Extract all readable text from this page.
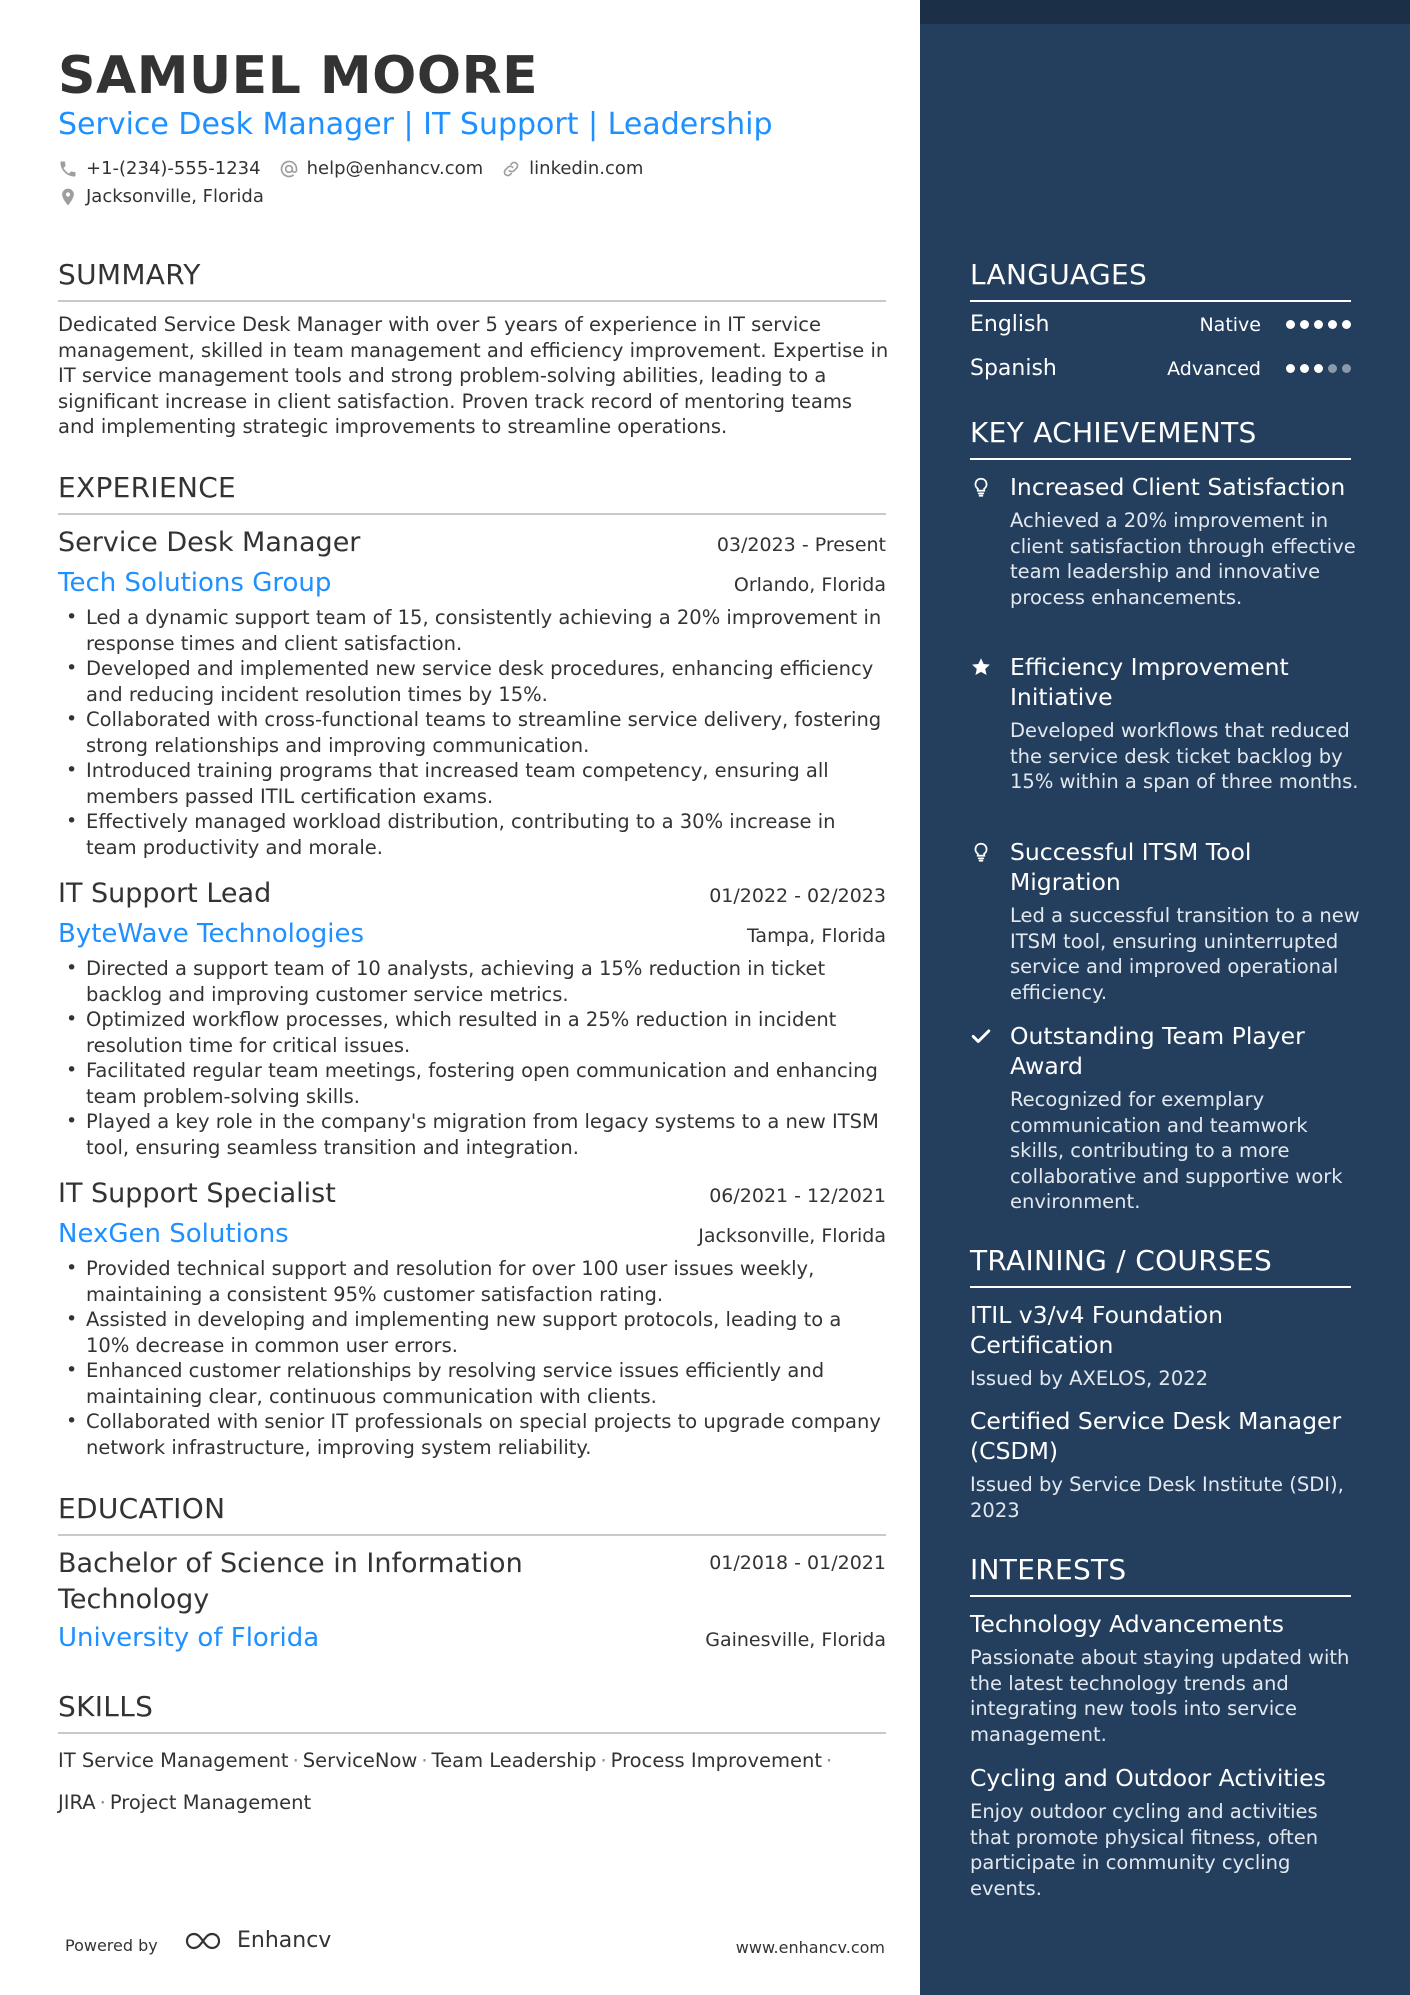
SAMUEL MOORE
Service Desk Manager | IT Support | Leadership
+1-(234)-555-1234	help@enhancv.com	linkedin.com
Jacksonville, Florida
SUMMARY
Dedicated Service Desk Manager with over 5 years of experience in IT service management, skilled in team management and efficiency improvement. Expertise in IT service management tools and strong problem-solving abilities, leading to a significant increase in client satisfaction. Proven track record of mentoring teams and implementing strategic improvements to streamline operations.
EXPERIENCE
Service Desk Manager	03/2023 - Present
Tech Solutions Group	Orlando, Florida
• Led a dynamic support team of 15, consistently achieving a 20% improvement in response times and client satisfaction.
• Developed and implemented new service desk procedures, enhancing efficiency and reducing incident resolution times by 15%.
• Collaborated with cross-functional teams to streamline service delivery, fostering strong relationships and improving communication.
• Introduced training programs that increased team competency, ensuring all members passed ITIL certification exams.
• Effectively managed workload distribution, contributing to a 30% increase in team productivity and morale.
IT Support Lead	01/2022 - 02/2023
ByteWave Technologies	Tampa, Florida
• Directed a support team of 10 analysts, achieving a 15% reduction in ticket backlog and improving customer service metrics.
• Optimized workflow processes, which resulted in a 25% reduction in incident resolution time for critical issues.
• Facilitated regular team meetings, fostering open communication and enhancing team problem-solving skills.
• Played a key role in the company's migration from legacy systems to a new ITSM tool, ensuring seamless transition and integration.
IT Support Specialist	06/2021 - 12/2021
NexGen Solutions	Jacksonville, Florida
• Provided technical support and resolution for over 100 user issues weekly, maintaining a consistent 95% customer satisfaction rating.
• Assisted in developing and implementing new support protocols, leading to a 10% decrease in common user errors.
• Enhanced customer relationships by resolving service issues efficiently and maintaining clear, continuous communication with clients.
• Collaborated with senior IT professionals on special projects to upgrade company network infrastructure, improving system reliability.
EDUCATION
Bachelor of Science in Information
Technology
01/2018 - 01/2021
University of Florida	Gainesville, Florida
SKILLS
IT Service Management · ServiceNow · Team Leadership · Process Improvement ·
JIRA · Project Management
Powered by	Enhancv	www.enhancv.com
LANGUAGES
English	Native
Spanish	Advanced
KEY ACHIEVEMENTS
Increased Client Satisfaction
Achieved a 20% improvement in client satisfaction through effective team leadership and innovative process enhancements.
Efficiency Improvement Initiative
Developed workflows that reduced the service desk ticket backlog by 15% within a span of three months.
Successful ITSM Tool Migration
Led a successful transition to a new ITSM tool, ensuring uninterrupted service and improved operational efficiency.
Outstanding Team Player Award
Recognized for exemplary communication and teamwork skills, contributing to a more collaborative and supportive work environment.
TRAINING / COURSES
ITIL v3/v4 Foundation Certification
Issued by AXELOS, 2022
Certified Service Desk Manager (CSDM)
Issued by Service Desk Institute (SDI), 2023
INTERESTS
Technology Advancements
Passionate about staying updated with the latest technology trends and integrating new tools into service management.
Cycling and Outdoor Activities
Enjoy outdoor cycling and activities that promote physical fitness, often participate in community cycling events.
